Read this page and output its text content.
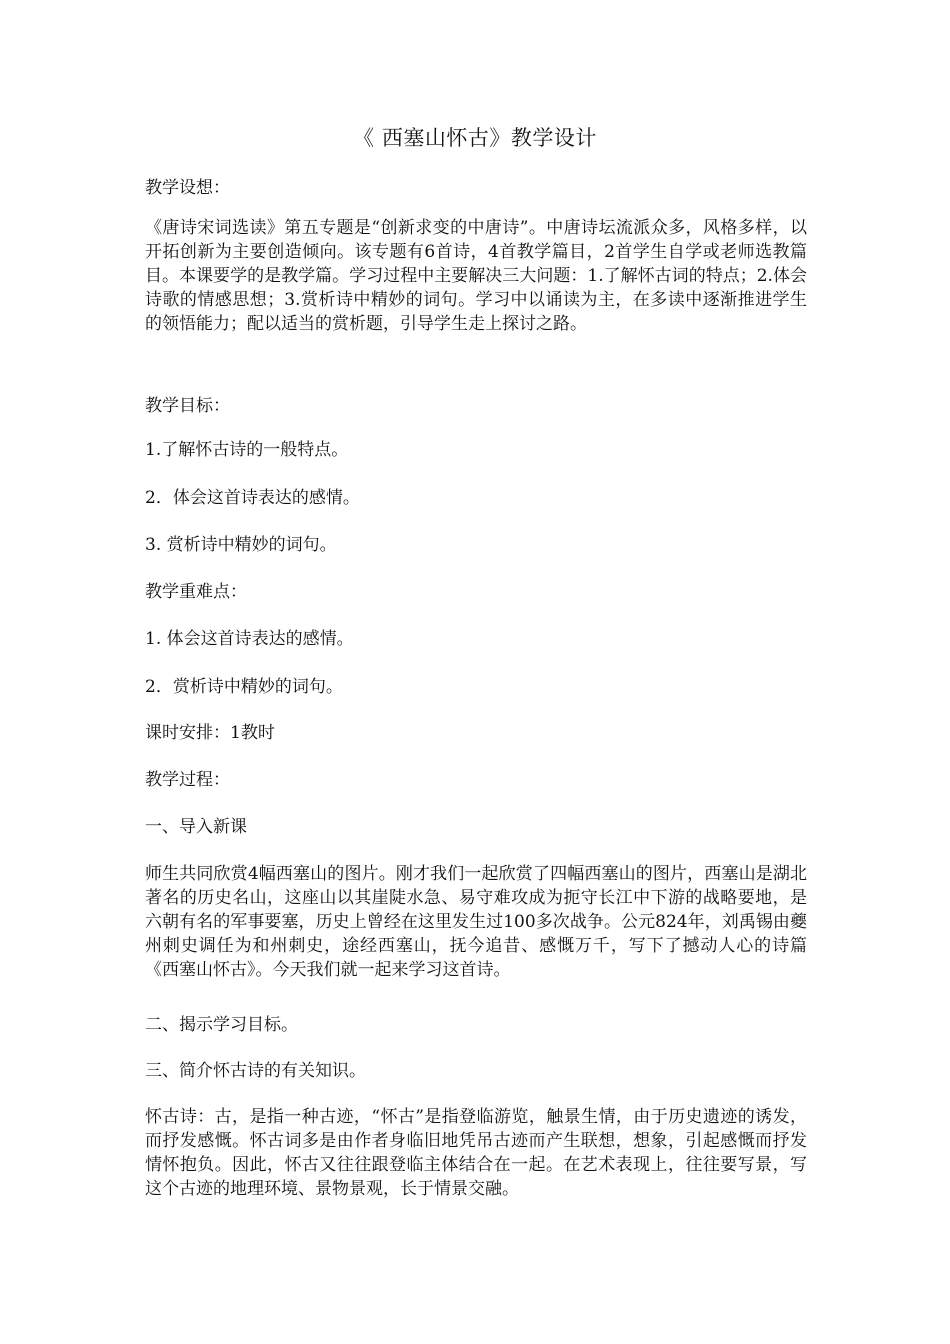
《 西塞山怀古》教学设计

教学设想：

《唐诗宋词选读》第五专题是“创新求变的中唐诗”。中唐诗坛流派众多，风格多样，以开拓创新为主要创造倾向。该专题有6首诗，4首教学篇目，2首学生自学或老师选教篇目。本课要学的是教学篇。学习过程中主要解决三大问题：1.了解怀古词的特点；2.体会诗歌的情感思想；3.赏析诗中精妙的词句。学习中以诵读为主，在多读中逐渐推进学生的领悟能力；配以适当的赏析题，引导学生走上探讨之路。

教学目标：

1.了解怀古诗的一般特点。

2．体会这首诗表达的感情。

3. 赏析诗中精妙的词句。

教学重难点：

1. 体会这首诗表达的感情。

2．赏析诗中精妙的词句。

课时安排：1教时

教学过程：

一、导入新课

师生共同欣赏4幅西塞山的图片。刚才我们一起欣赏了四幅西塞山的图片，西塞山是湖北著名的历史名山，这座山以其崖陡水急、易守难攻成为扼守长江中下游的战略要地，是六朝有名的军事要塞，历史上曾经在这里发生过100多次战争。公元824年，刘禹锡由夔州刺史调任为和州刺史，途经西塞山，抚今追昔、感慨万千，写下了撼动人心的诗篇《西塞山怀古》。今天我们就一起来学习这首诗。

二、揭示学习目标。

三、简介怀古诗的有关知识。

怀古诗：古，是指一种古迹，“怀古”是指登临游览，触景生情，由于历史遗迹的诱发，而抒发感慨。怀古词多是由作者身临旧地凭吊古迹而产生联想，想象，引起感慨而抒发情怀抱负。因此，怀古又往往跟登临主体结合在一起。在艺术表现上，往往要写景，写这个古迹的地理环境、景物景观，长于情景交融。
